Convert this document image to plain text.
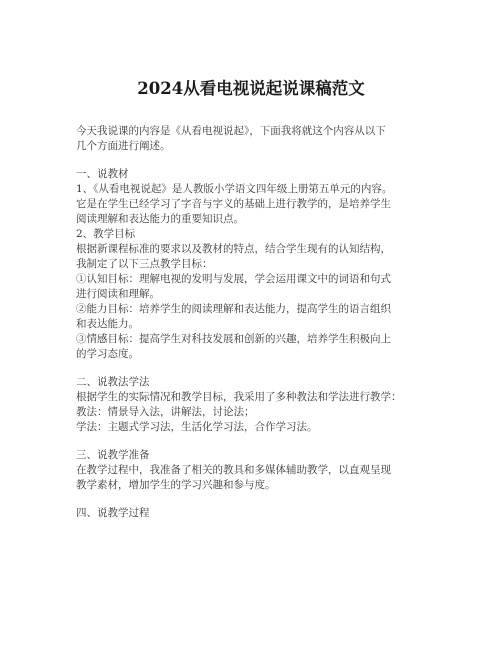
2024从看电视说起说课稿范文
今天我说课的内容是《从看电视说起》，下面我将就这个内容从以下
几个方面进行阐述。
一、说教材
1、《从看电视说起》是人教版小学语文四年级上册第五单元的内容。
它是在学生已经学习了字音与字义的基础上进行教学的，是培养学生
阅读理解和表达能力的重要知识点。
2、教学目标
根据新课程标准的要求以及教材的特点，结合学生现有的认知结构，
我制定了以下三点教学目标：
①认知目标：理解电视的发明与发展，学会运用课文中的词语和句式
进行阅读和理解。
②能力目标：培养学生的阅读理解和表达能力，提高学生的语言组织
和表达能力。
③情感目标：提高学生对科技发展和创新的兴趣，培养学生积极向上
的学习态度。
二、说教法学法
根据学生的实际情况和教学目标，我采用了多种教法和学法进行教学：
教法：情景导入法，讲解法，讨论法；
学法：主题式学习法，生活化学习法，合作学习法。
三、说教学准备
在教学过程中，我准备了相关的教具和多媒体辅助教学，以直观呈现
教学素材，增加学生的学习兴趣和参与度。
四、说教学过程
